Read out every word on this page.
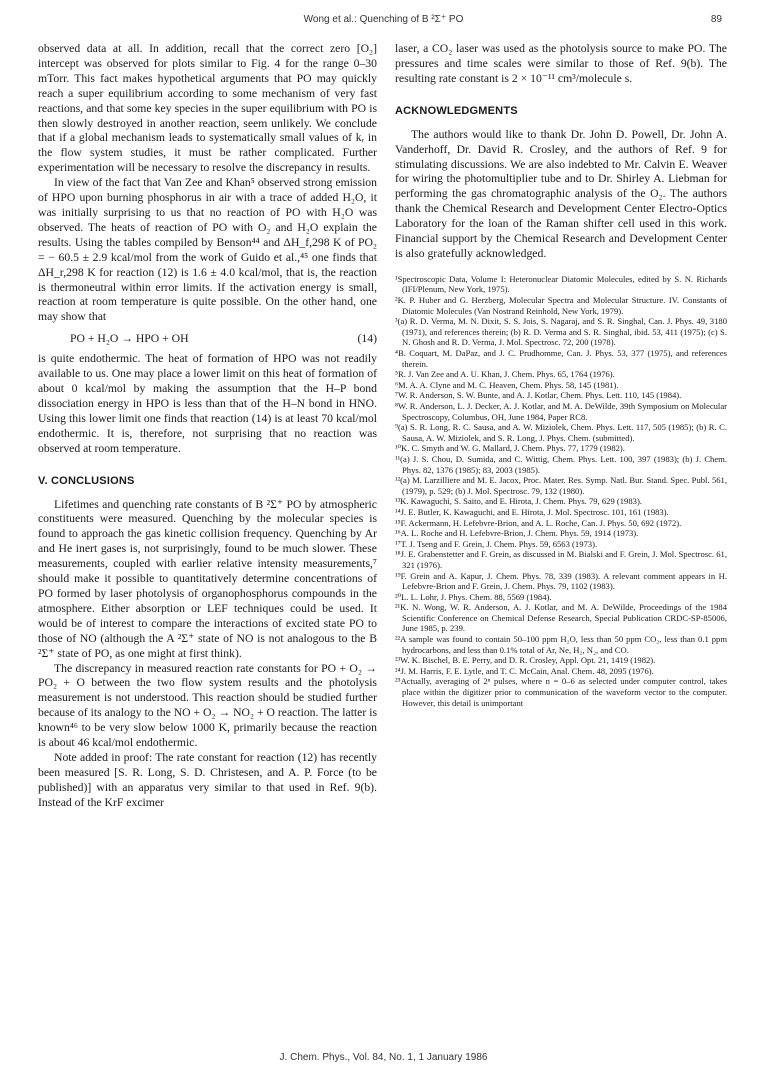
Wong et al.: Quenching of B ²Σ⁺ PO	89

observed data at all. In addition, recall that the correct zero [O₂] intercept was observed for plots similar to Fig. 4 for the range 0–30 mTorr. This fact makes hypothetical arguments that PO may quickly reach a super equilibrium according to some mechanism of very fast reactions, and that some key species in the super equilibrium with PO is then slowly destroyed in another reaction, seem unlikely. We conclude that if a global mechanism leads to systematically small values of kᵣ in the flow system studies, it must be rather complicated. Further experimentation will be necessary to resolve the discrepancy in results.

In view of the fact that Van Zee and Khan⁵ observed strong emission of HPO upon burning phosphorus in air with a trace of added H₂O, it was initially surprising to us that no reaction of PO with H₂O was observed. The heats of reaction of PO with O₂ and H₂O explain the results. Using the tables compiled by Benson⁴⁴ and ΔH_f,298 K of PO₂ = − 60.5 ± 2.9 kcal/mol from the work of Guido et al.,⁴⁵ one finds that ΔH_r,298 K for reaction (12) is 1.6 ± 4.0 kcal/mol, that is, the reaction is thermoneutral within error limits. If the activation energy is small, reaction at room temperature is quite possible. On the other hand, one may show that

PO + H₂O → HPO + OH	(14)

is quite endothermic. The heat of formation of HPO was not readily available to us. One may place a lower limit on this heat of formation of about 0 kcal/mol by making the assumption that the H–P bond dissociation energy in HPO is less than that of the H–N bond in HNO. Using this lower limit one finds that reaction (14) is at least 70 kcal/mol endothermic. It is, therefore, not surprising that no reaction was observed at room temperature.

V. CONCLUSIONS

Lifetimes and quenching rate constants of B ²Σ⁺ PO by atmospheric constituents were measured. Quenching by the molecular species is found to approach the gas kinetic collision frequency. Quenching by Ar and He inert gases is, not surprisingly, found to be much slower. These measurements, coupled with earlier relative intensity measurements,⁷ should make it possible to quantitatively determine concentrations of PO formed by laser photolysis of organophosphorus compounds in the atmosphere. Either absorption or LEF techniques could be used. It would be of interest to compare the interactions of excited state PO to those of NO (although the A ²Σ⁺ state of NO is not analogous to the B ²Σ⁺ state of PO, as one might at first think).

The discrepancy in measured reaction rate constants for PO + O₂ → PO₂ + O between the two flow system results and the photolysis measurement is not understood. This reaction should be studied further because of its analogy to the NO + O₂ → NO₂ + O reaction. The latter is known⁴⁶ to be very slow below 1000 K, primarily because the reaction is about 46 kcal/mol endothermic.

Note added in proof: The rate constant for reaction (12) has recently been measured [S. R. Long, S. D. Christesen, and A. P. Force (to be published)] with an apparatus very similar to that used in Ref. 9(b). Instead of the KrF excimer

laser, a CO₂ laser was used as the photolysis source to make PO. The pressures and time scales were similar to those of Ref. 9(b). The resulting rate constant is 2 × 10⁻¹¹ cm³/molecule s.

ACKNOWLEDGMENTS

The authors would like to thank Dr. John D. Powell, Dr. John A. Vanderhoff, Dr. David R. Crosley, and the authors of Ref. 9 for stimulating discussions. We are also indebted to Mr. Calvin E. Weaver for wiring the photomultiplier tube and to Dr. Shirley A. Liebman for performing the gas chromatographic analysis of the O₂. The authors thank the Chemical Research and Development Center Electro-Optics Laboratory for the loan of the Raman shifter cell used in this work. Financial support by the Chemical Research and Development Center is also gratefully acknowledged.

¹Spectroscopic Data, Volume I: Heteronuclear Diatomic Molecules, edited by S. N. Richards (IFI/Plenum, New York, 1975).

²K. P. Huber and G. Herzberg, Molecular Spectra and Molecular Structure. IV. Constants of Diatomic Molecules (Van Nostrand Reinhold, New York, 1979).

³(a) R. D. Verma, M. N. Dixit, S. S. Jois, S. Nagaraj, and S. R. Singhal, Can. J. Phys. 49, 3180 (1971), and references therein; (b) R. D. Verma and S. R. Singhal, ibid. 53, 411 (1975); (c) S. N. Ghosh and R. D. Verma, J. Mol. Spectrosc. 72, 200 (1978).

⁴B. Coquart, M. DaPaz, and J. C. Prudhomme, Can. J. Phys. 53, 377 (1975), and references therein.

⁵R. J. Van Zee and A. U. Khan, J. Chem. Phys. 65, 1764 (1976).

⁶M. A. A. Clyne and M. C. Heaven, Chem. Phys. 58, 145 (1981).

⁷W. R. Anderson, S. W. Bunte, and A. J. Kotlar, Chem. Phys. Lett. 110, 145 (1984).

⁸W. R. Anderson, L. J. Decker, A. J. Kotlar, and M. A. DeWilde, 39th Symposium on Molecular Spectroscopy, Columbus, OH, June 1984, Paper RC8.

⁹(a) S. R. Long, R. C. Sausa, and A. W. Miziolek, Chem. Phys. Lett. 117, 505 (1985); (b) R. C. Sausa, A. W. Miziolek, and S. R. Long, J. Phys. Chem. (submitted).

¹⁰K. C. Smyth and W. G. Mallard, J. Chem. Phys. 77, 1779 (1982).

¹¹(a) J. S. Chou, D. Sumida, and C. Wittig, Chem. Phys. Lett. 100, 397 (1983); (b) J. Chem. Phys. 82, 1376 (1985); 83, 2003 (1985).

¹²(a) M. Larzilliere and M. E. Jacox, Proc. Mater. Res. Symp. Natl. Bur. Stand. Spec. Publ. 561, (1979), p. 529; (b) J. Mol. Spectrosc. 79, 132 (1980).

¹³K. Kawaguchi, S. Saito, and E. Hirota, J. Chem. Phys. 79, 629 (1983).

¹⁴J. E. Butler, K. Kawaguchi, and E. Hirota, J. Mol. Spectrosc. 101, 161 (1983).

¹⁵F. Ackermann, H. Lefebvre-Brion, and A. L. Roche, Can. J. Phys. 50, 692 (1972).

¹⁶A. L. Roche and H. Lefebvre-Brion, J. Chem. Phys. 59, 1914 (1973).

¹⁷T. J. Tseng and F. Grein, J. Chem. Phys. 59, 6563 (1973).

¹⁸J. E. Grabenstetter and F. Grein, as discussed in M. Bialski and F. Grein, J. Mol. Spectrosc. 61, 321 (1976).

¹⁹F. Grein and A. Kapur, J. Chem. Phys. 78, 339 (1983). A relevant comment appears in H. Lefebvre-Brion and F. Grein, J. Chem. Phys. 79, 1102 (1983).

²⁰L. L. Lohr, J. Phys. Chem. 88, 5569 (1984).

²¹K. N. Wong, W. R. Anderson, A. J. Kotlar, and M. A. DeWilde, Proceedings of the 1984 Scientific Conference on Chemical Defense Research, Special Publication CRDC-SP-85006, June 1985, p. 239.

²²A sample was found to contain 50–100 ppm H₂O, less than 50 ppm CO₂, less than 0.1 ppm hydrocarbons, and less than 0.1% total of Ar, Ne, H₂, N₂, and CO.

²³W. K. Bischel, B. E. Perry, and D. R. Crosley, Appl. Opt. 21, 1419 (1982).

²⁴J. M. Harris, F. E. Lytle, and T. C. McCain, Anal. Chem. 48, 2095 (1976).

²⁵Actually, averaging of 2ⁿ pulses, where n = 0–6 as selected under computer control, takes place within the digitizer prior to communication of the waveform vector to the computer. However, this detail is unimportant

J. Chem. Phys., Vol. 84, No. 1, 1 January 1986
